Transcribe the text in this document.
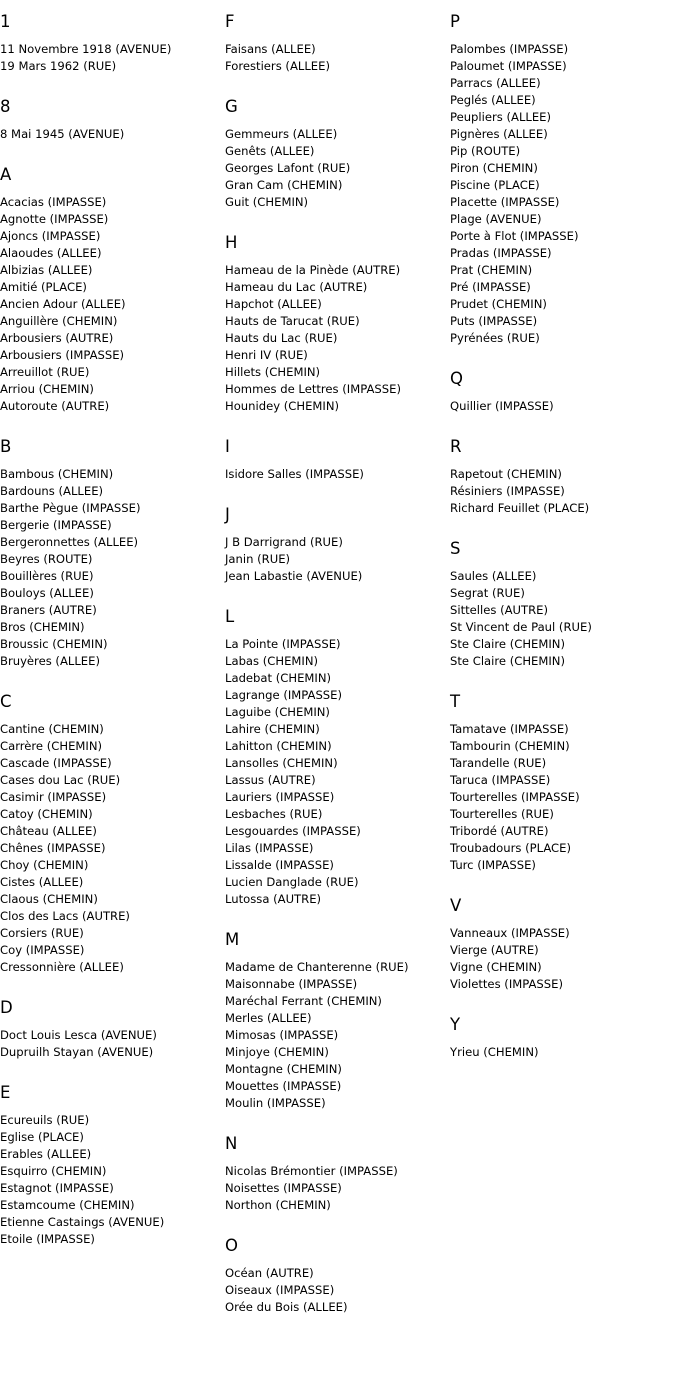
1
11 Novembre 1918 (AVENUE)
19 Mars 1962 (RUE)
8
8 Mai 1945 (AVENUE)
A
Acacias (IMPASSE)
Agnotte (IMPASSE)
Ajoncs (IMPASSE)
Alaoudes (ALLEE)
Albizias (ALLEE)
Amitié (PLACE)
Ancien Adour (ALLEE)
Anguillère (CHEMIN)
Arbousiers (AUTRE)
Arbousiers (IMPASSE)
Arreuillot (RUE)
Arriou (CHEMIN)
Autoroute (AUTRE)
B
Bambous (CHEMIN)
Bardouns (ALLEE)
Barthe Pègue (IMPASSE)
Bergerie (IMPASSE)
Bergeronnettes (ALLEE)
Beyres (ROUTE)
Bouillères (RUE)
Bouloys (ALLEE)
Braners (AUTRE)
Bros (CHEMIN)
Broussic (CHEMIN)
Bruyères (ALLEE)
C
Cantine (CHEMIN)
Carrère (CHEMIN)
Cascade (IMPASSE)
Cases dou Lac (RUE)
Casimir (IMPASSE)
Catoy (CHEMIN)
Château (ALLEE)
Chênes (IMPASSE)
Choy (CHEMIN)
Cistes (ALLEE)
Claous (CHEMIN)
Clos des Lacs (AUTRE)
Corsiers (RUE)
Coy (IMPASSE)
Cressonnière (ALLEE)
D
Doct Louis Lesca (AVENUE)
Dupruilh Stayan (AVENUE)
E
Ecureuils (RUE)
Eglise (PLACE)
Erables (ALLEE)
Esquirro (CHEMIN)
Estagnot (IMPASSE)
Estamcoume (CHEMIN)
Etienne Castaings (AVENUE)
Etoile (IMPASSE)
F
Faisans (ALLEE)
Forestiers (ALLEE)
G
Gemmeurs (ALLEE)
Genêts (ALLEE)
Georges Lafont (RUE)
Gran Cam (CHEMIN)
Guit (CHEMIN)
H
Hameau de la Pinède (AUTRE)
Hameau du Lac (AUTRE)
Hapchot (ALLEE)
Hauts de Tarucat (RUE)
Hauts du Lac (RUE)
Henri IV (RUE)
Hillets (CHEMIN)
Hommes de Lettres (IMPASSE)
Hounidey (CHEMIN)
I
Isidore Salles (IMPASSE)
J
J B Darrigrand (RUE)
Janin (RUE)
Jean Labastie (AVENUE)
L
La Pointe (IMPASSE)
Labas (CHEMIN)
Ladebat (CHEMIN)
Lagrange (IMPASSE)
Laguibe (CHEMIN)
Lahire (CHEMIN)
Lahitton (CHEMIN)
Lansolles (CHEMIN)
Lassus (AUTRE)
Lauriers (IMPASSE)
Lesbaches (RUE)
Lesgouardes (IMPASSE)
Lilas (IMPASSE)
Lissalde (IMPASSE)
Lucien Danglade (RUE)
Lutossa (AUTRE)
M
Madame de Chanterenne (RUE)
Maisonnabe (IMPASSE)
Maréchal Ferrant (CHEMIN)
Merles (ALLEE)
Mimosas (IMPASSE)
Minjoye (CHEMIN)
Montagne (CHEMIN)
Mouettes (IMPASSE)
Moulin (IMPASSE)
N
Nicolas Brémontier (IMPASSE)
Noisettes (IMPASSE)
Northon (CHEMIN)
O
Océan (AUTRE)
Oiseaux (IMPASSE)
Orée du Bois (ALLEE)
P
Palombes (IMPASSE)
Paloumet (IMPASSE)
Parracs (ALLEE)
Peglés (ALLEE)
Peupliers (ALLEE)
Pignères (ALLEE)
Pip (ROUTE)
Piron (CHEMIN)
Piscine (PLACE)
Placette (IMPASSE)
Plage (AVENUE)
Porte à Flot (IMPASSE)
Pradas (IMPASSE)
Prat (CHEMIN)
Pré (IMPASSE)
Prudet (CHEMIN)
Puts (IMPASSE)
Pyrénées (RUE)
Q
Quillier (IMPASSE)
R
Rapetout (CHEMIN)
Résiniers (IMPASSE)
Richard Feuillet (PLACE)
S
Saules (ALLEE)
Segrat (RUE)
Sittelles (AUTRE)
St Vincent de Paul (RUE)
Ste Claire (CHEMIN)
Ste Claire (CHEMIN)
T
Tamatave (IMPASSE)
Tambourin (CHEMIN)
Tarandelle (RUE)
Taruca (IMPASSE)
Tourterelles (IMPASSE)
Tourterelles (RUE)
Tribordé (AUTRE)
Troubadours (PLACE)
Turc (IMPASSE)
V
Vanneaux (IMPASSE)
Vierge (AUTRE)
Vigne (CHEMIN)
Violettes (IMPASSE)
Y
Yrieu (CHEMIN)
